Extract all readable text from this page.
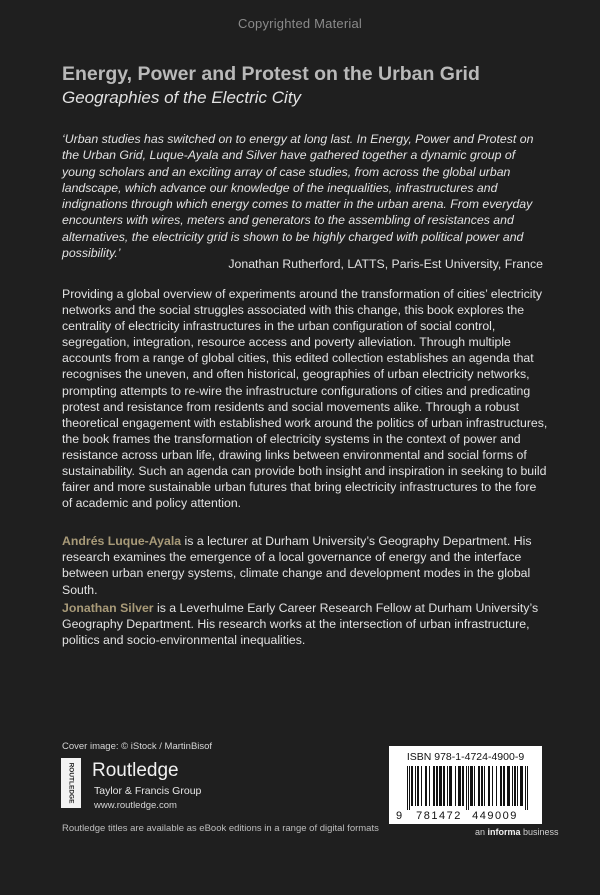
Copyrighted Material
Energy, Power and Protest on the Urban Grid
Geographies of the Electric City
‘Urban studies has switched on to energy at long last. In Energy, Power and Protest on the Urban Grid, Luque-Ayala and Silver have gathered together a dynamic group of young scholars and an exciting array of case studies, from across the global urban landscape, which advance our knowledge of the inequalities, infrastructures and indignations through which energy comes to matter in the urban arena. From everyday encounters with wires, meters and generators to the assembling of resistances and alternatives, the electricity grid is shown to be highly charged with political power and possibility.’
Jonathan Rutherford, LATTS, Paris-Est University, France
Providing a global overview of experiments around the transformation of cities’ electricity networks and the social struggles associated with this change, this book explores the centrality of electricity infrastructures in the urban configuration of social control, segregation, integration, resource access and poverty alleviation. Through multiple accounts from a range of global cities, this edited collection establishes an agenda that recognises the uneven, and often historical, geographies of urban electricity networks, prompting attempts to re-wire the infrastructure configurations of cities and predicating protest and resistance from residents and social movements alike. Through a robust theoretical engagement with established work around the politics of urban infrastructures, the book frames the transformation of electricity systems in the context of power and resistance across urban life, drawing links between environmental and social forms of sustainability. Such an agenda can provide both insight and inspiration in seeking to build fairer and more sustainable urban futures that bring electricity infrastructures to the fore of academic and policy attention.
Andrés Luque-Ayala is a lecturer at Durham University’s Geography Department. His research examines the emergence of a local governance of energy and the interface between urban energy systems, climate change and development modes in the global South.
Jonathan Silver is a Leverhulme Early Career Research Fellow at Durham University’s Geography Department. His research works at the intersection of urban infrastructure, politics and socio-environmental inequalities.
Cover image: © iStock / MartinBisof
ROUTLEDGE Routledge
Taylor & Francis Group
www.routledge.com
Routledge titles are available as eBook editions in a range of digital formats
ISBN 978-1-4724-4900-9
9 781472 449009
an informa business
